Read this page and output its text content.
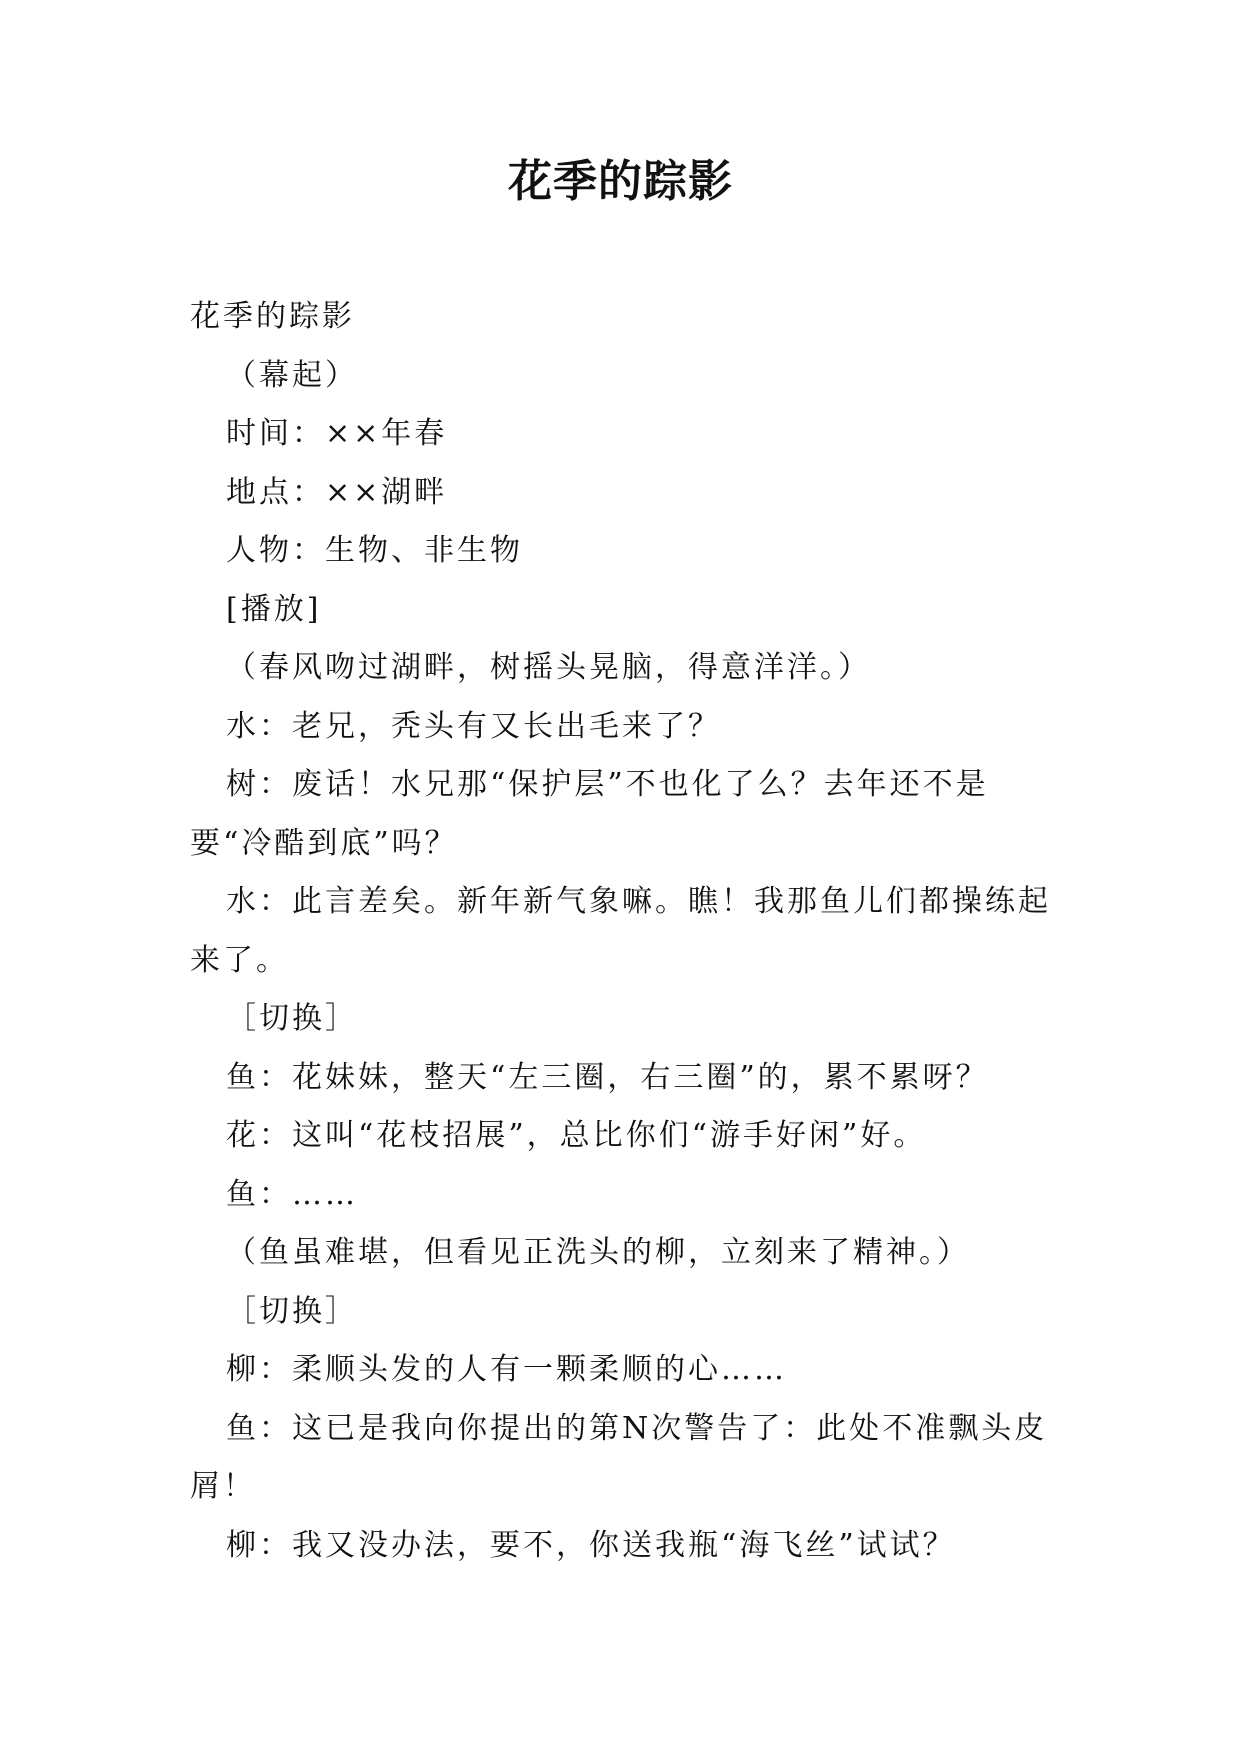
花季的踪影

花季的踪影

（幕起）

时间：××年春

地点：××湖畔

人物：生物、非生物

[播放]

（春风吻过湖畔，树摇头晃脑，得意洋洋。）

水：老兄，秃头有又长出毛来了？

树：废话！水兄那“保护层”不也化了么？去年还不是要“冷酷到底”吗？

水：此言差矣。新年新气象嘛。瞧！我那鱼儿们都操练起来了。

［切换］

鱼：花妹妹，整天“左三圈，右三圈”的，累不累呀？

花：这叫“花枝招展”，总比你们“游手好闲”好。

鱼：……

（鱼虽难堪，但看见正洗头的柳，立刻来了精神。）

［切换］

柳：柔顺头发的人有一颗柔顺的心……

鱼：这已是我向你提出的第N次警告了：此处不准飘头皮屑！

柳：我又没办法，要不，你送我瓶“海飞丝”试试？
